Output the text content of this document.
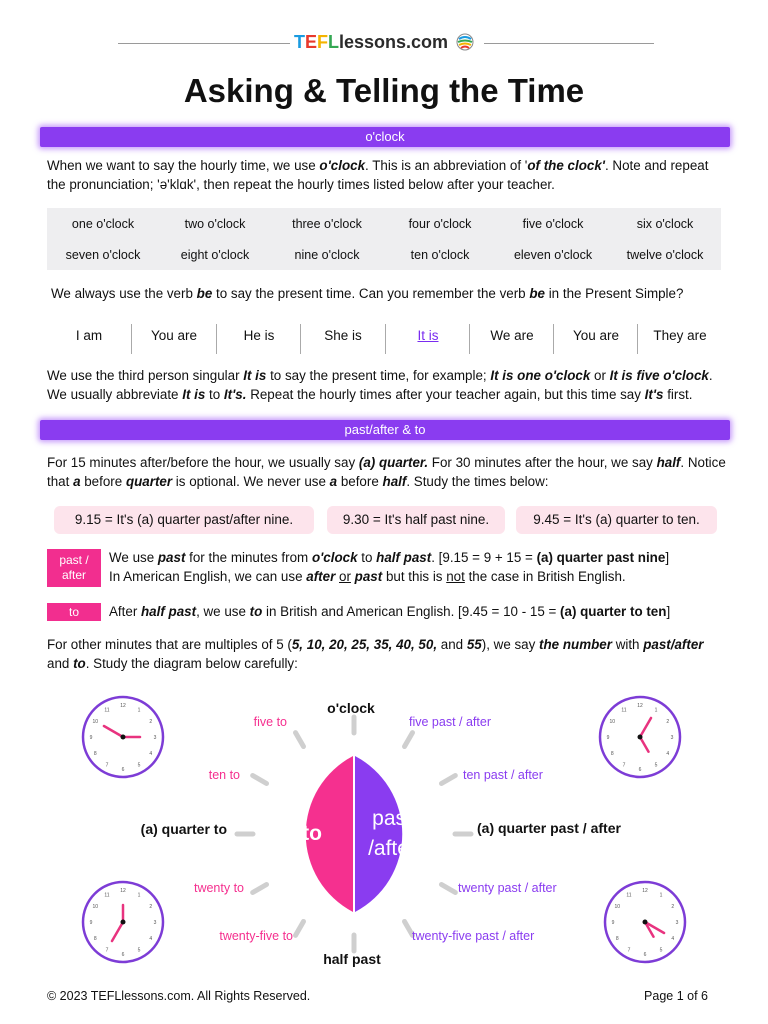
TEFLlessons.com
Asking & Telling the Time
o'clock
When we want to say the hourly time, we use o'clock. This is an abbreviation of 'of the clock'. Note and repeat the pronunciation; 'ə'klɑk', then repeat the hourly times listed below after your teacher.
one o'clock	two o'clock	three o'clock	four o'clock	five o'clock	six o'clock
seven o'clock	eight o'clock	nine o'clock	ten o'clock	eleven o'clock	twelve o'clock
We always use the verb be to say the present time. Can you remember the verb be in the Present Simple?
I am	You are	He is	She is	It is	We are	You are	They are
We use the third person singular It is to say the present time, for example; It is one o'clock or It is five o'clock. We usually abbreviate It is to It's. Repeat the hourly times after your teacher again, but this time say It's first.
past/after & to
For 15 minutes after/before the hour, we usually say (a) quarter. For 30 minutes after the hour, we say half. Notice that a before quarter is optional. We never use a before half. Study the times below:
9.15 = It's (a) quarter past/after nine.	9.30 = It's half past nine.	9.45 = It's (a) quarter to ten.
past /
after
We use past for the minutes from o'clock to half past. [9.15 = 9 + 15 = (a) quarter past nine]
In American English, we can use after or past but this is not the case in British English.
to	After half past, we use to in British and American English. [9.45 = 10 - 15 = (a) quarter to ten]
For other minutes that are multiples of 5 (5, 10, 20, 25, 35, 40, 50, and 55), we say the number with past/after and to. Study the diagram below carefully:
to
past
/after
o'clock
half past
(a) quarter to	(a) quarter past / after
five to
ten to
twenty to
twenty-five to
five past / after
ten past / after
twenty past / after
twenty-five past / after
1
2
3
4
5
6
7
8
9
10
11
12
1
2
3
4
5
6
7
8
9
10
11
12
1
2
3
4
5
6
7
8
9
10
11
12
1
2
3
4
5
6
7
8
9
10
11
12
© 2023 TEFLlessons.com. All Rights Reserved.	Page 1 of 6
